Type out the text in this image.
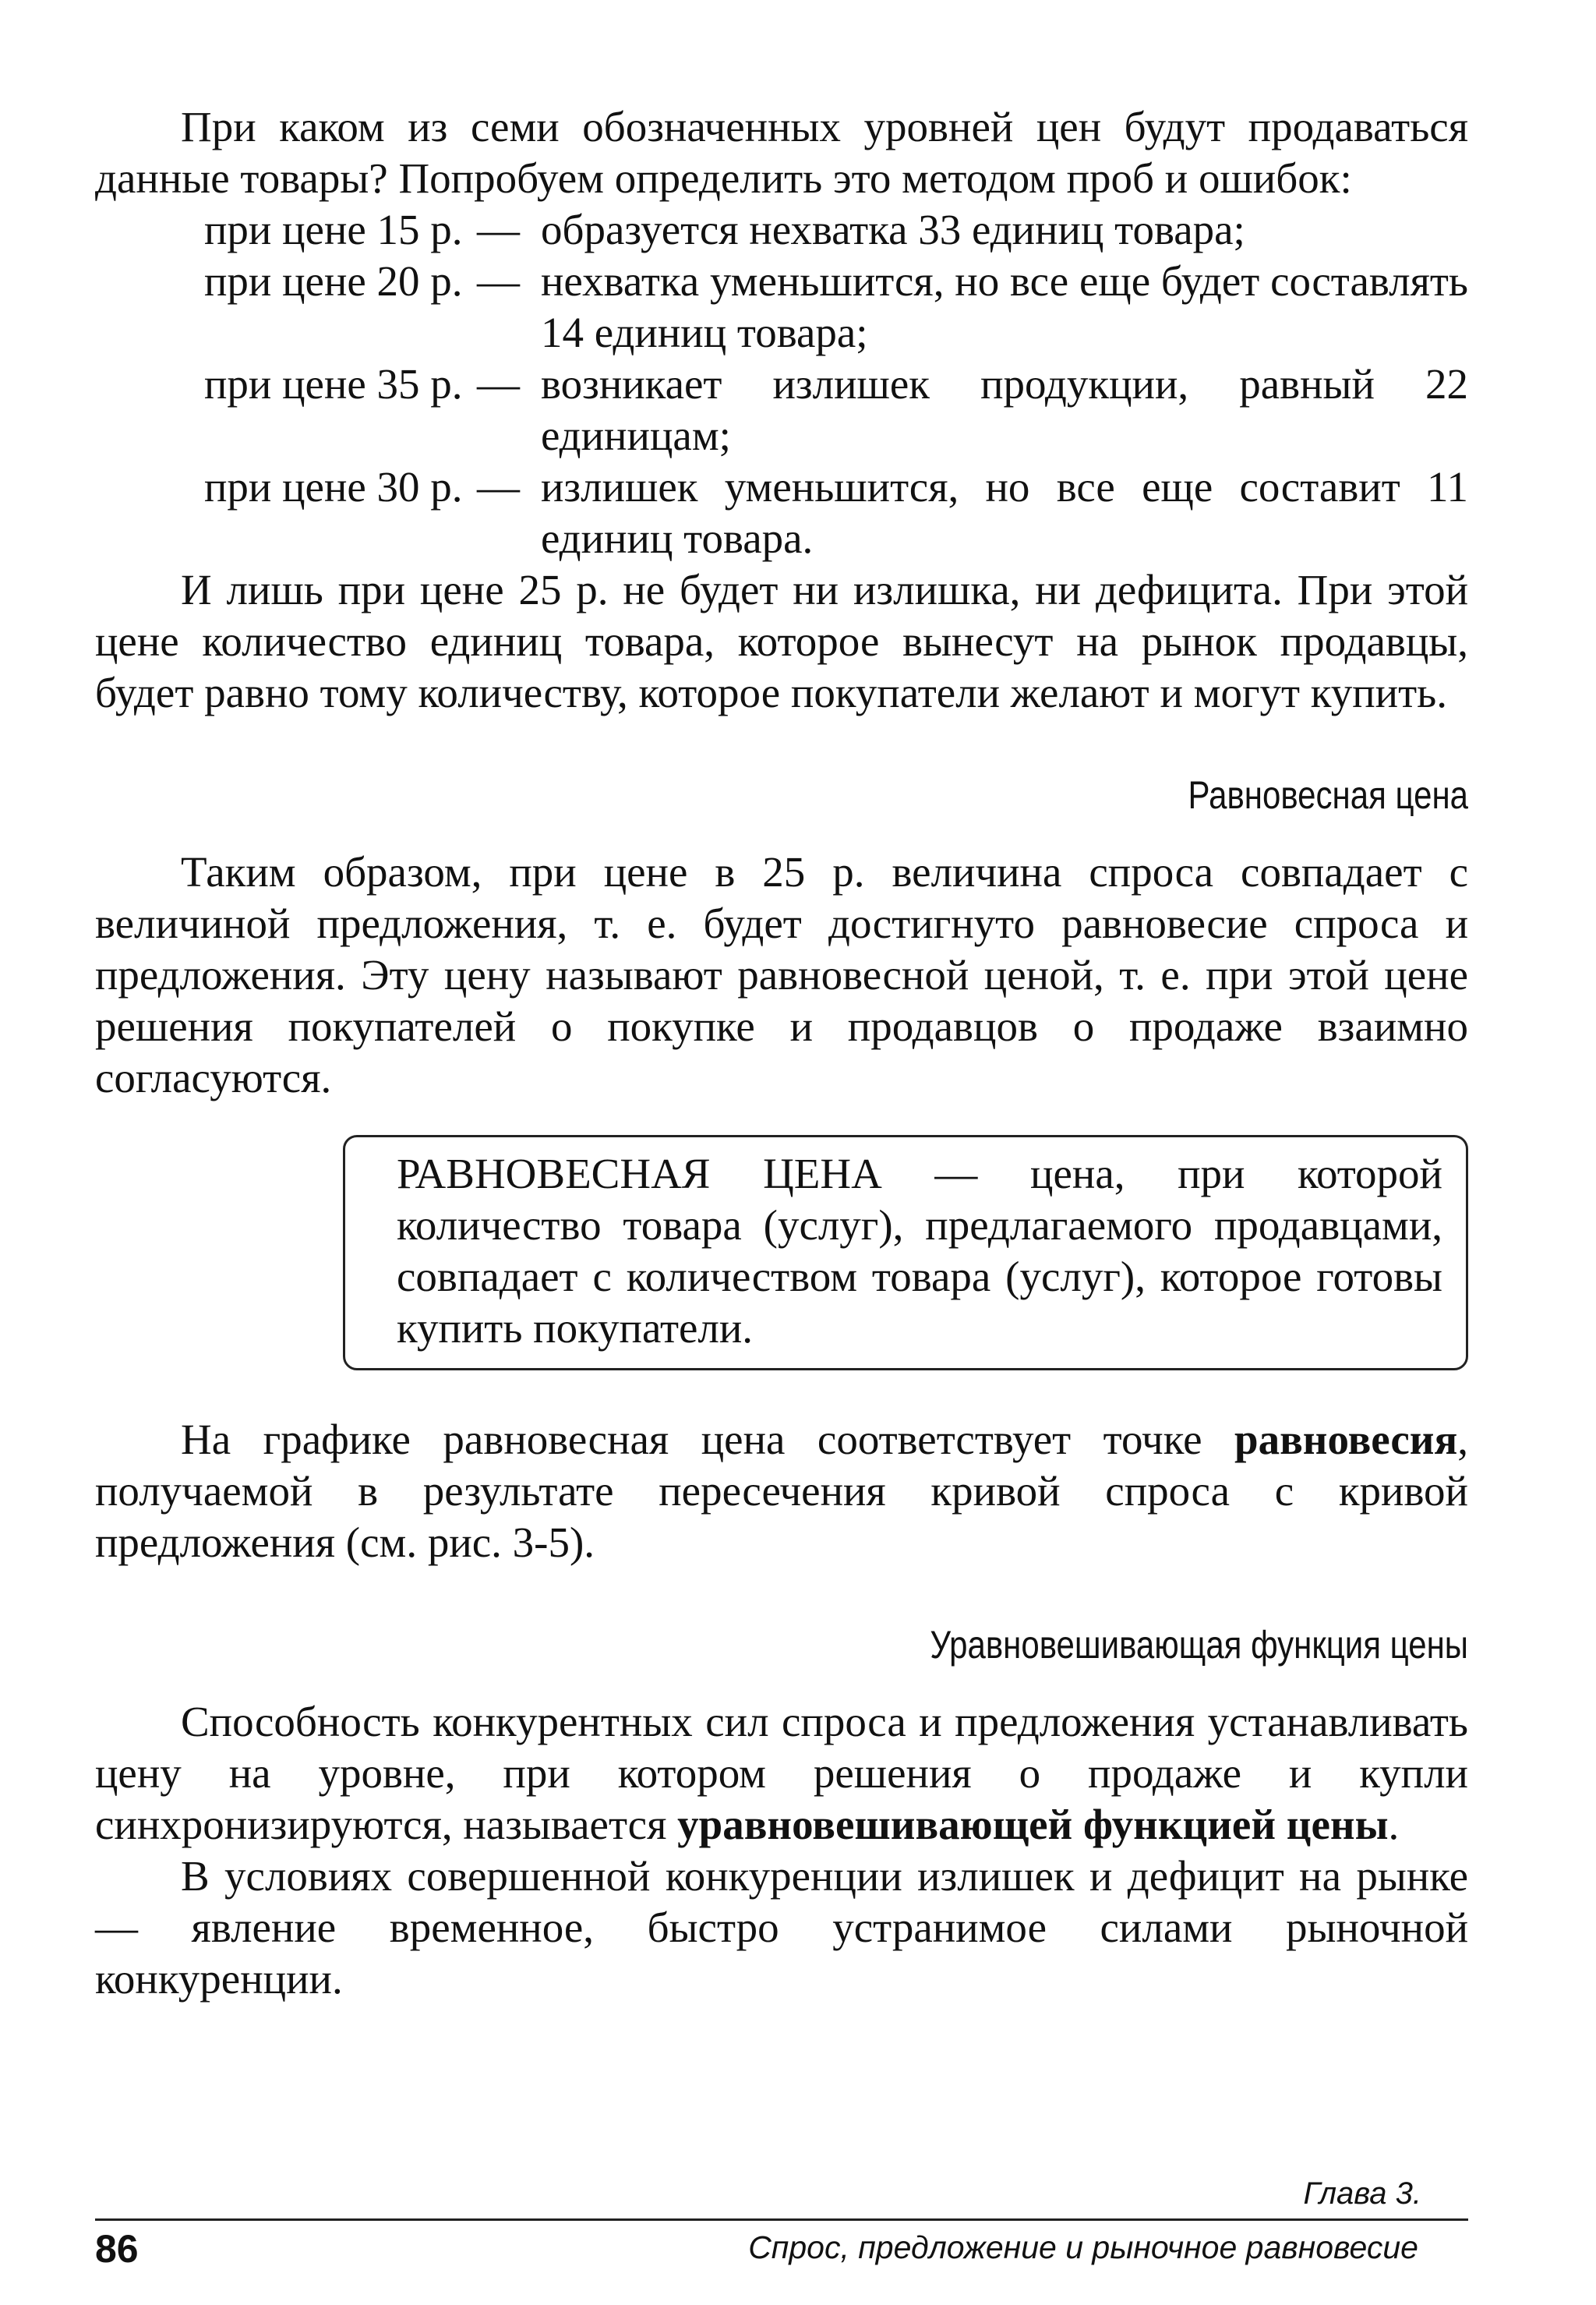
При каком из семи обозначенных уровней цен будут продаваться данные товары? Попробуем определить это методом проб и ошибок:

при цене 15 р. — образуется нехватка 33 единиц товара;
при цене 20 р. — нехватка уменьшится, но все еще будет составлять 14 единиц товара;
при цене 35 р. — возникает излишек продукции, равный 22 единицам;
при цене 30 р. — излишек уменьшится, но все еще составит 11 единиц товара.

И лишь при цене 25 р. не будет ни излишка, ни дефицита. При этой цене количество единиц товара, которое вынесут на рынок продавцы, будет равно тому количеству, которое покупатели желают и могут купить.

Равновесная цена

Таким образом, при цене в 25 р. величина спроса совпадает с величиной предложения, т. е. будет достигнуто равновесие спроса и предложения. Эту цену называют равновесной ценой, т. е. при этой цене решения покупателей о покупке и продавцов о продаже взаимно согласуются.

РАВНОВЕСНАЯ ЦЕНА — цена, при которой количество товара (услуг), предлагаемого продавцами, совпадает с количеством товара (услуг), которое готовы купить покупатели.

На графике равновесная цена соответствует точке равновесия, получаемой в результате пересечения кривой спроса с кривой предложения (см. рис. 3-5).

Уравновешивающая функция цены

Способность конкурентных сил спроса и предложения устанавливать цену на уровне, при котором решения о продаже и купли синхронизируются, называется уравновешивающей функцией цены.

В условиях совершенной конкуренции излишек и дефицит на рынке — явление временное, быстро устранимое силами рыночной конкуренции.

Глава 3.
86	Спрос, предложение и рыночное равновесие
